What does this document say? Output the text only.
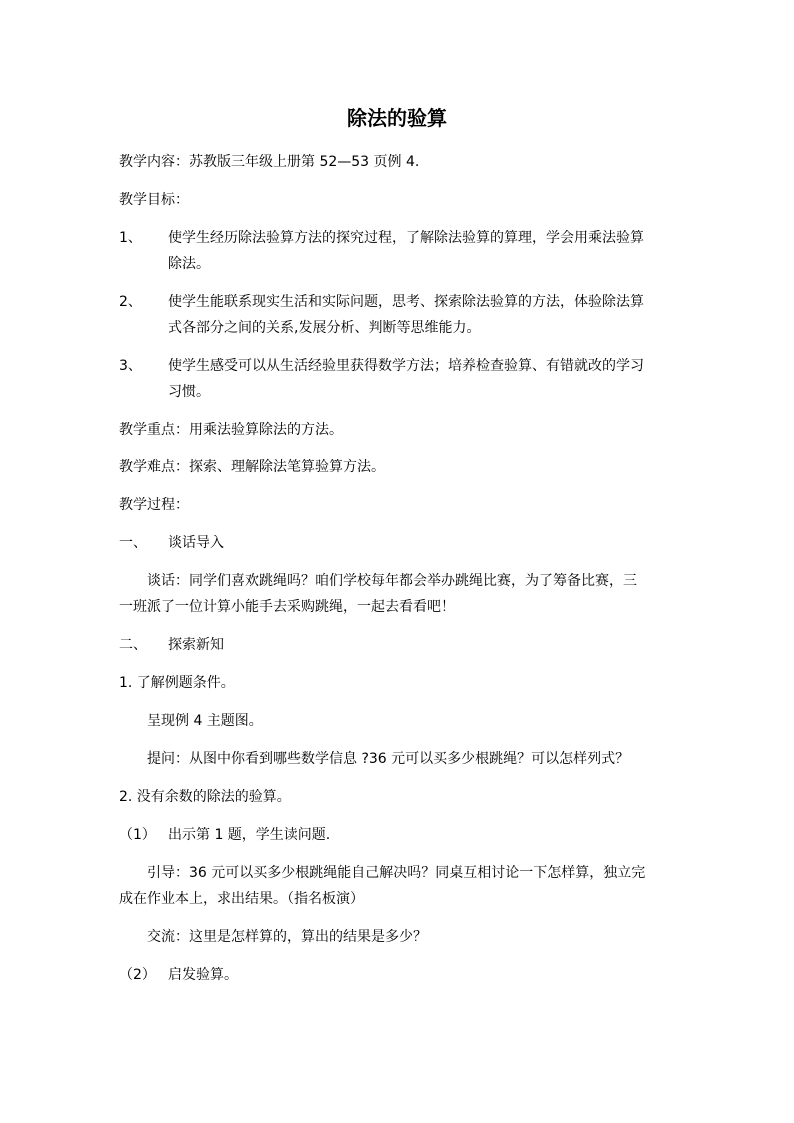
除法的验算
教学内容：苏教版三年级上册第 52—53 页例 4.
教学目标：
1、 使学生经历除法验算方法的探究过程，了解除法验算的算理，学会用乘法验算
除法。
2、 使学生能联系现实生活和实际问题，思考、探索除法验算的方法，体验除法算
式各部分之间的关系,发展分析、判断等思维能力。
3、 使学生感受可以从生活经验里获得数学方法；培养检查验算、有错就改的学习
习惯。
教学重点：用乘法验算除法的方法。
教学难点：探索、理解除法笔算验算方法。
教学过程：
一、 谈话导入
谈话：同学们喜欢跳绳吗？咱们学校每年都会举办跳绳比赛，为了筹备比赛，三
一班派了一位计算小能手去采购跳绳，一起去看看吧！
二、 探索新知
1. 了解例题条件。
呈现例 4 主题图。
提问：从图中你看到哪些数学信息 ?36 元可以买多少根跳绳？可以怎样列式？
2. 没有余数的除法的验算。
（1） 出示第 1 题，学生读问题.
引导：36 元可以买多少根跳绳能自己解决吗？同桌互相讨论一下怎样算，独立完
成在作业本上，求出结果。（指名板演）
交流：这里是怎样算的，算出的结果是多少？
（2） 启发验算。
